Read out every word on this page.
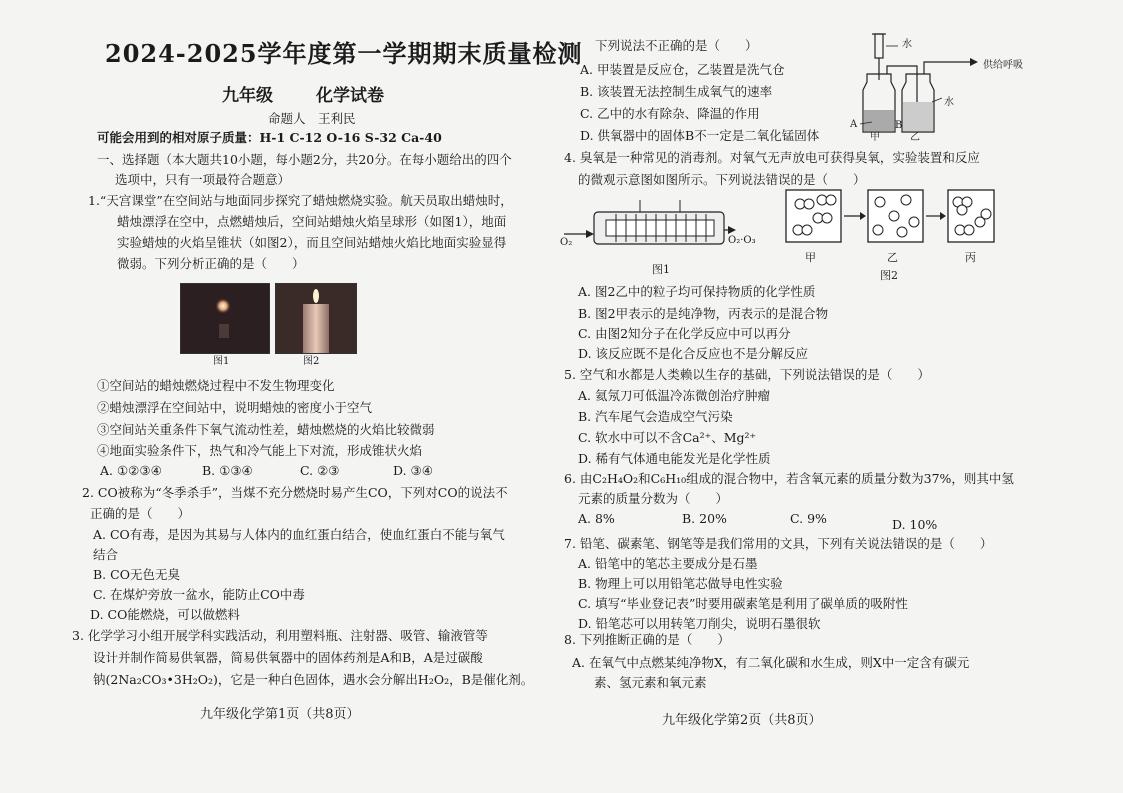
2024-2025学年度第一学期期末质量检测
九年级	化学试卷
命题人　王利民
可能会用到的相对原子质量：H-1 C-12 O-16 S-32 Ca-40
一、选择题（本大题共10小题，每小题2分，共20分。在每小题给出的四个
选项中，只有一项最符合题意）
1.“天宫课堂”在空间站与地面同步探究了蜡烛燃烧实验。航天员取出蜡烛时，
蜡烛漂浮在空中，点燃蜡烛后，空间站蜡烛火焰呈球形（如图1），地面
实验蜡烛的火焰呈锥状（如图2），而且空间站蜡烛火焰比地面实验显得
微弱。下列分析正确的是（　　）
图1	图2
①空间站的蜡烛燃烧过程中不发生物理变化
②蜡烛漂浮在空间站中，说明蜡烛的密度小于空气
③空间站关重条件下氧气流动性差，蜡烛燃烧的火焰比较微弱
④地面实验条件下，热气和冷气能上下对流，形成锥状火焰
A. ①②③④	B. ①③④	C. ②③	D. ③④
2. CO被称为“冬季杀手”，当煤不充分燃烧时易产生CO，下列对CO的说法不
正确的是（　　）
A. CO有毒，是因为其易与人体内的血红蛋白结合，使血红蛋白不能与氧气
结合
B. CO无色无臭
C. 在煤炉旁放一盆水，能防止CO中毒
D. CO能燃烧，可以做燃料
3. 化学学习小组开展学科实践活动，利用塑料瓶、注射器、吸管、输液管等
设计并制作简易供氧器，简易供氧器中的固体药剂是A和B，A是过碳酸
钠(2Na₂CO₃•3H₂O₂)，它是一种白色固体，遇水会分解出H₂O₂，B是催化剂。
九年级化学第1页（共8页）
下列说法不正确的是（　　）
A. 甲装置是反应仓，乙装置是洗气仓
B. 该装置无法控制生成氧气的速率
C. 乙中的水有除杂、降温的作用
D. 供氧器中的固体B不一定是二氧化锰固体
水
水
供给呼吸
A	B
甲	乙
4. 臭氧是一种常见的消毒剂。对氧气无声放电可获得臭氧，实验装置和反应
的微观示意图如图所示。下列说法错误的是（　　）
O₂	O₂·O₃
图1
甲	乙	丙
图2
A. 图2乙中的粒子均可保持物质的化学性质
B. 图2甲表示的是纯净物，丙表示的是混合物
C. 由图2知分子在化学反应中可以再分
D. 该反应既不是化合反应也不是分解反应
5. 空气和水都是人类赖以生存的基础，下列说法错误的是（　　）
A. 氦氖刀可低温冷冻微创治疗肿瘤
B. 汽车尾气会造成空气污染
C. 软水中可以不含Ca²⁺、Mg²⁺
D. 稀有气体通电能发光是化学性质
6. 由C₂H₄O₂和C₆H₁₀组成的混合物中，若含氧元素的质量分数为37%，则其中氢
元素的质量分数为（　　）
A. 8%	B. 20%	C. 9%	D. 10%
7. 铅笔、碳素笔、钢笔等是我们常用的文具，下列有关说法错误的是（　　）
A. 铅笔中的笔芯主要成分是石墨
B. 物理上可以用铅笔芯做导电性实验
C. 填写“毕业登记表”时要用碳素笔是利用了碳单质的吸附性
D. 铅笔芯可以用转笔刀削尖，说明石墨很软
8. 下列推断正确的是（　　）
A. 在氧气中点燃某纯净物X，有二氧化碳和水生成，则X中一定含有碳元
素、氢元素和氧元素
九年级化学第2页（共8页）
